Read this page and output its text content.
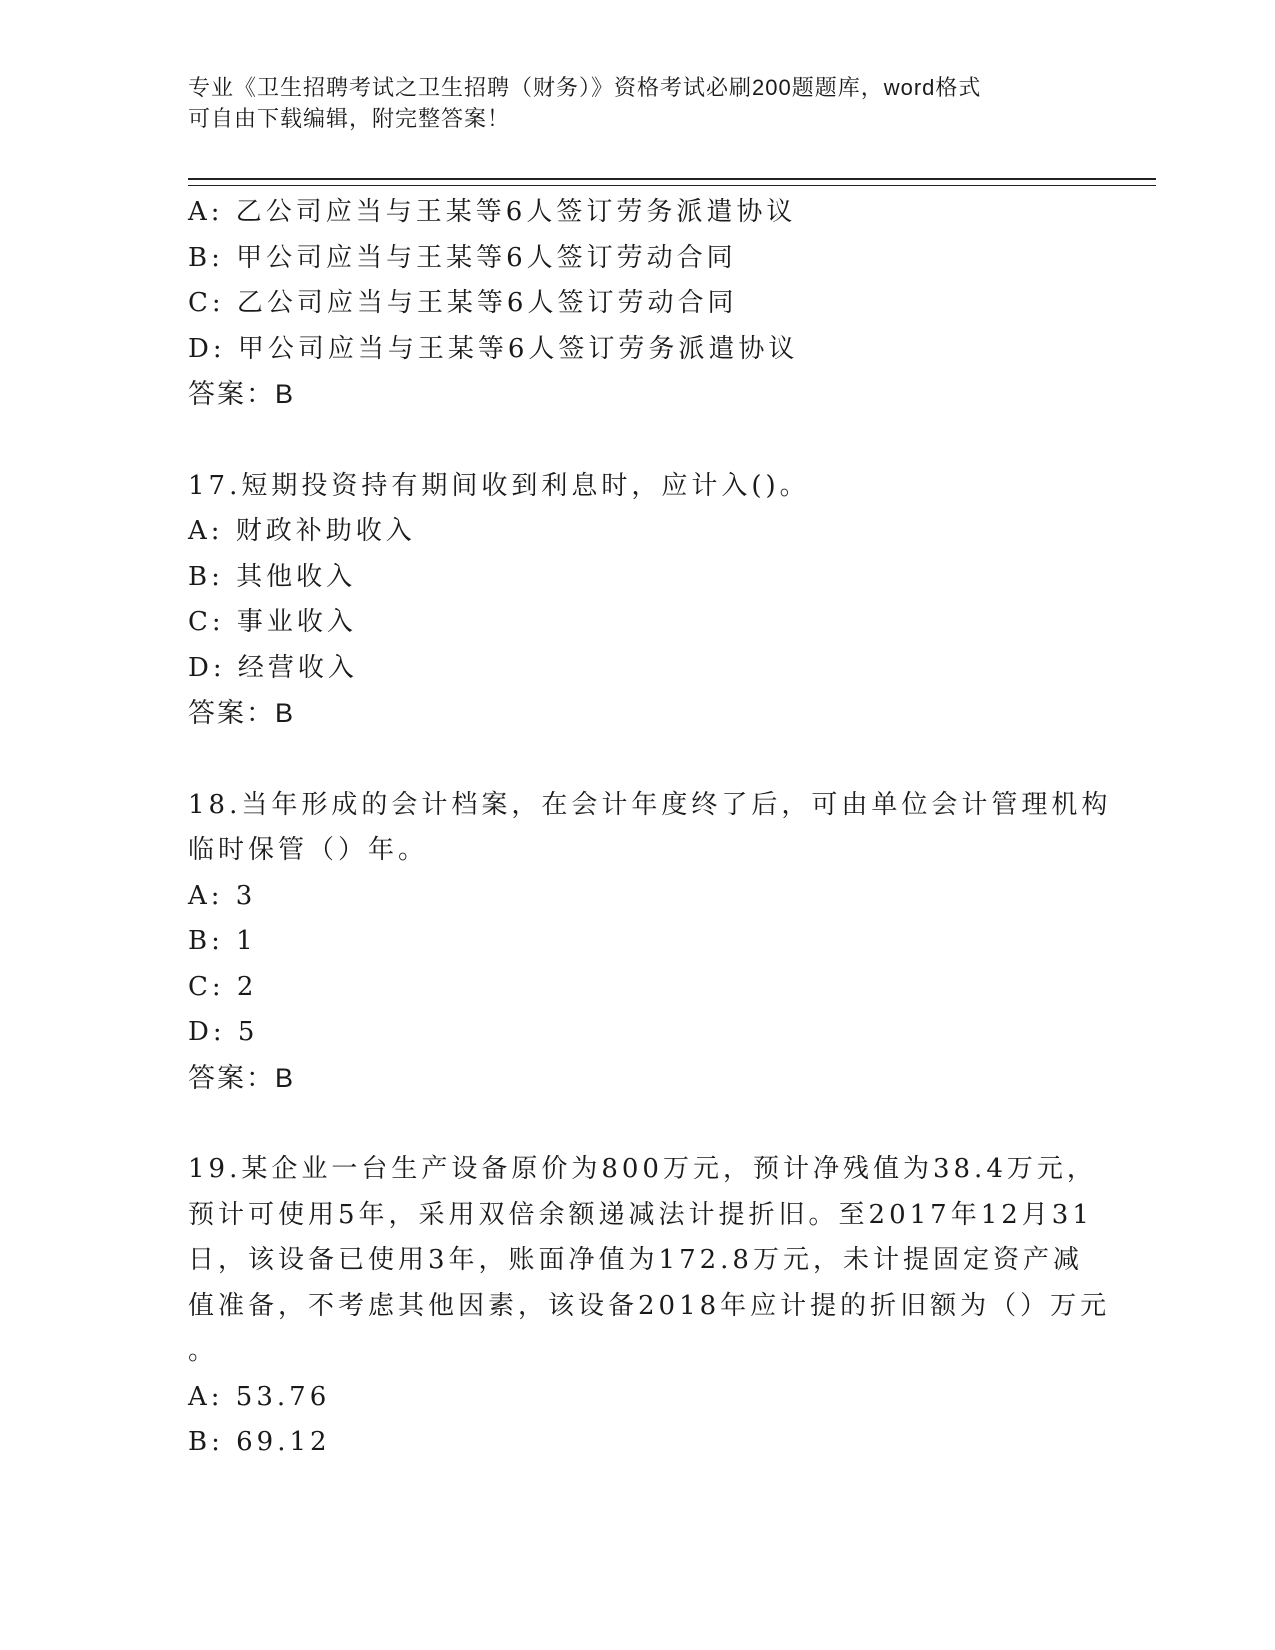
专业《卫生招聘考试之卫生招聘（财务）》资格考试必刷200题题库，word格式
可自由下载编辑，附完整答案！
A: 乙公司应当与王某等6人签订劳务派遣协议
B: 甲公司应当与王某等6人签订劳动合同
C: 乙公司应当与王某等6人签订劳动合同
D: 甲公司应当与王某等6人签订劳务派遣协议
答案：B
17.短期投资持有期间收到利息时，应计入()。
A: 财政补助收入
B: 其他收入
C: 事业收入
D: 经营收入
答案：B
18.当年形成的会计档案，在会计年度终了后，可由单位会计管理机构
临时保管（）年。
A: 3
B: 1
C: 2
D: 5
答案：B
19.某企业一台生产设备原价为800万元，预计净残值为38.4万元，
预计可使用5年，采用双倍余额递减法计提折旧。至2017年12月31
日，该设备已使用3年，账面净值为172.8万元，未计提固定资产减
值准备，不考虑其他因素，该设备2018年应计提的折旧额为（）万元
。
A: 53.76
B: 69.12
